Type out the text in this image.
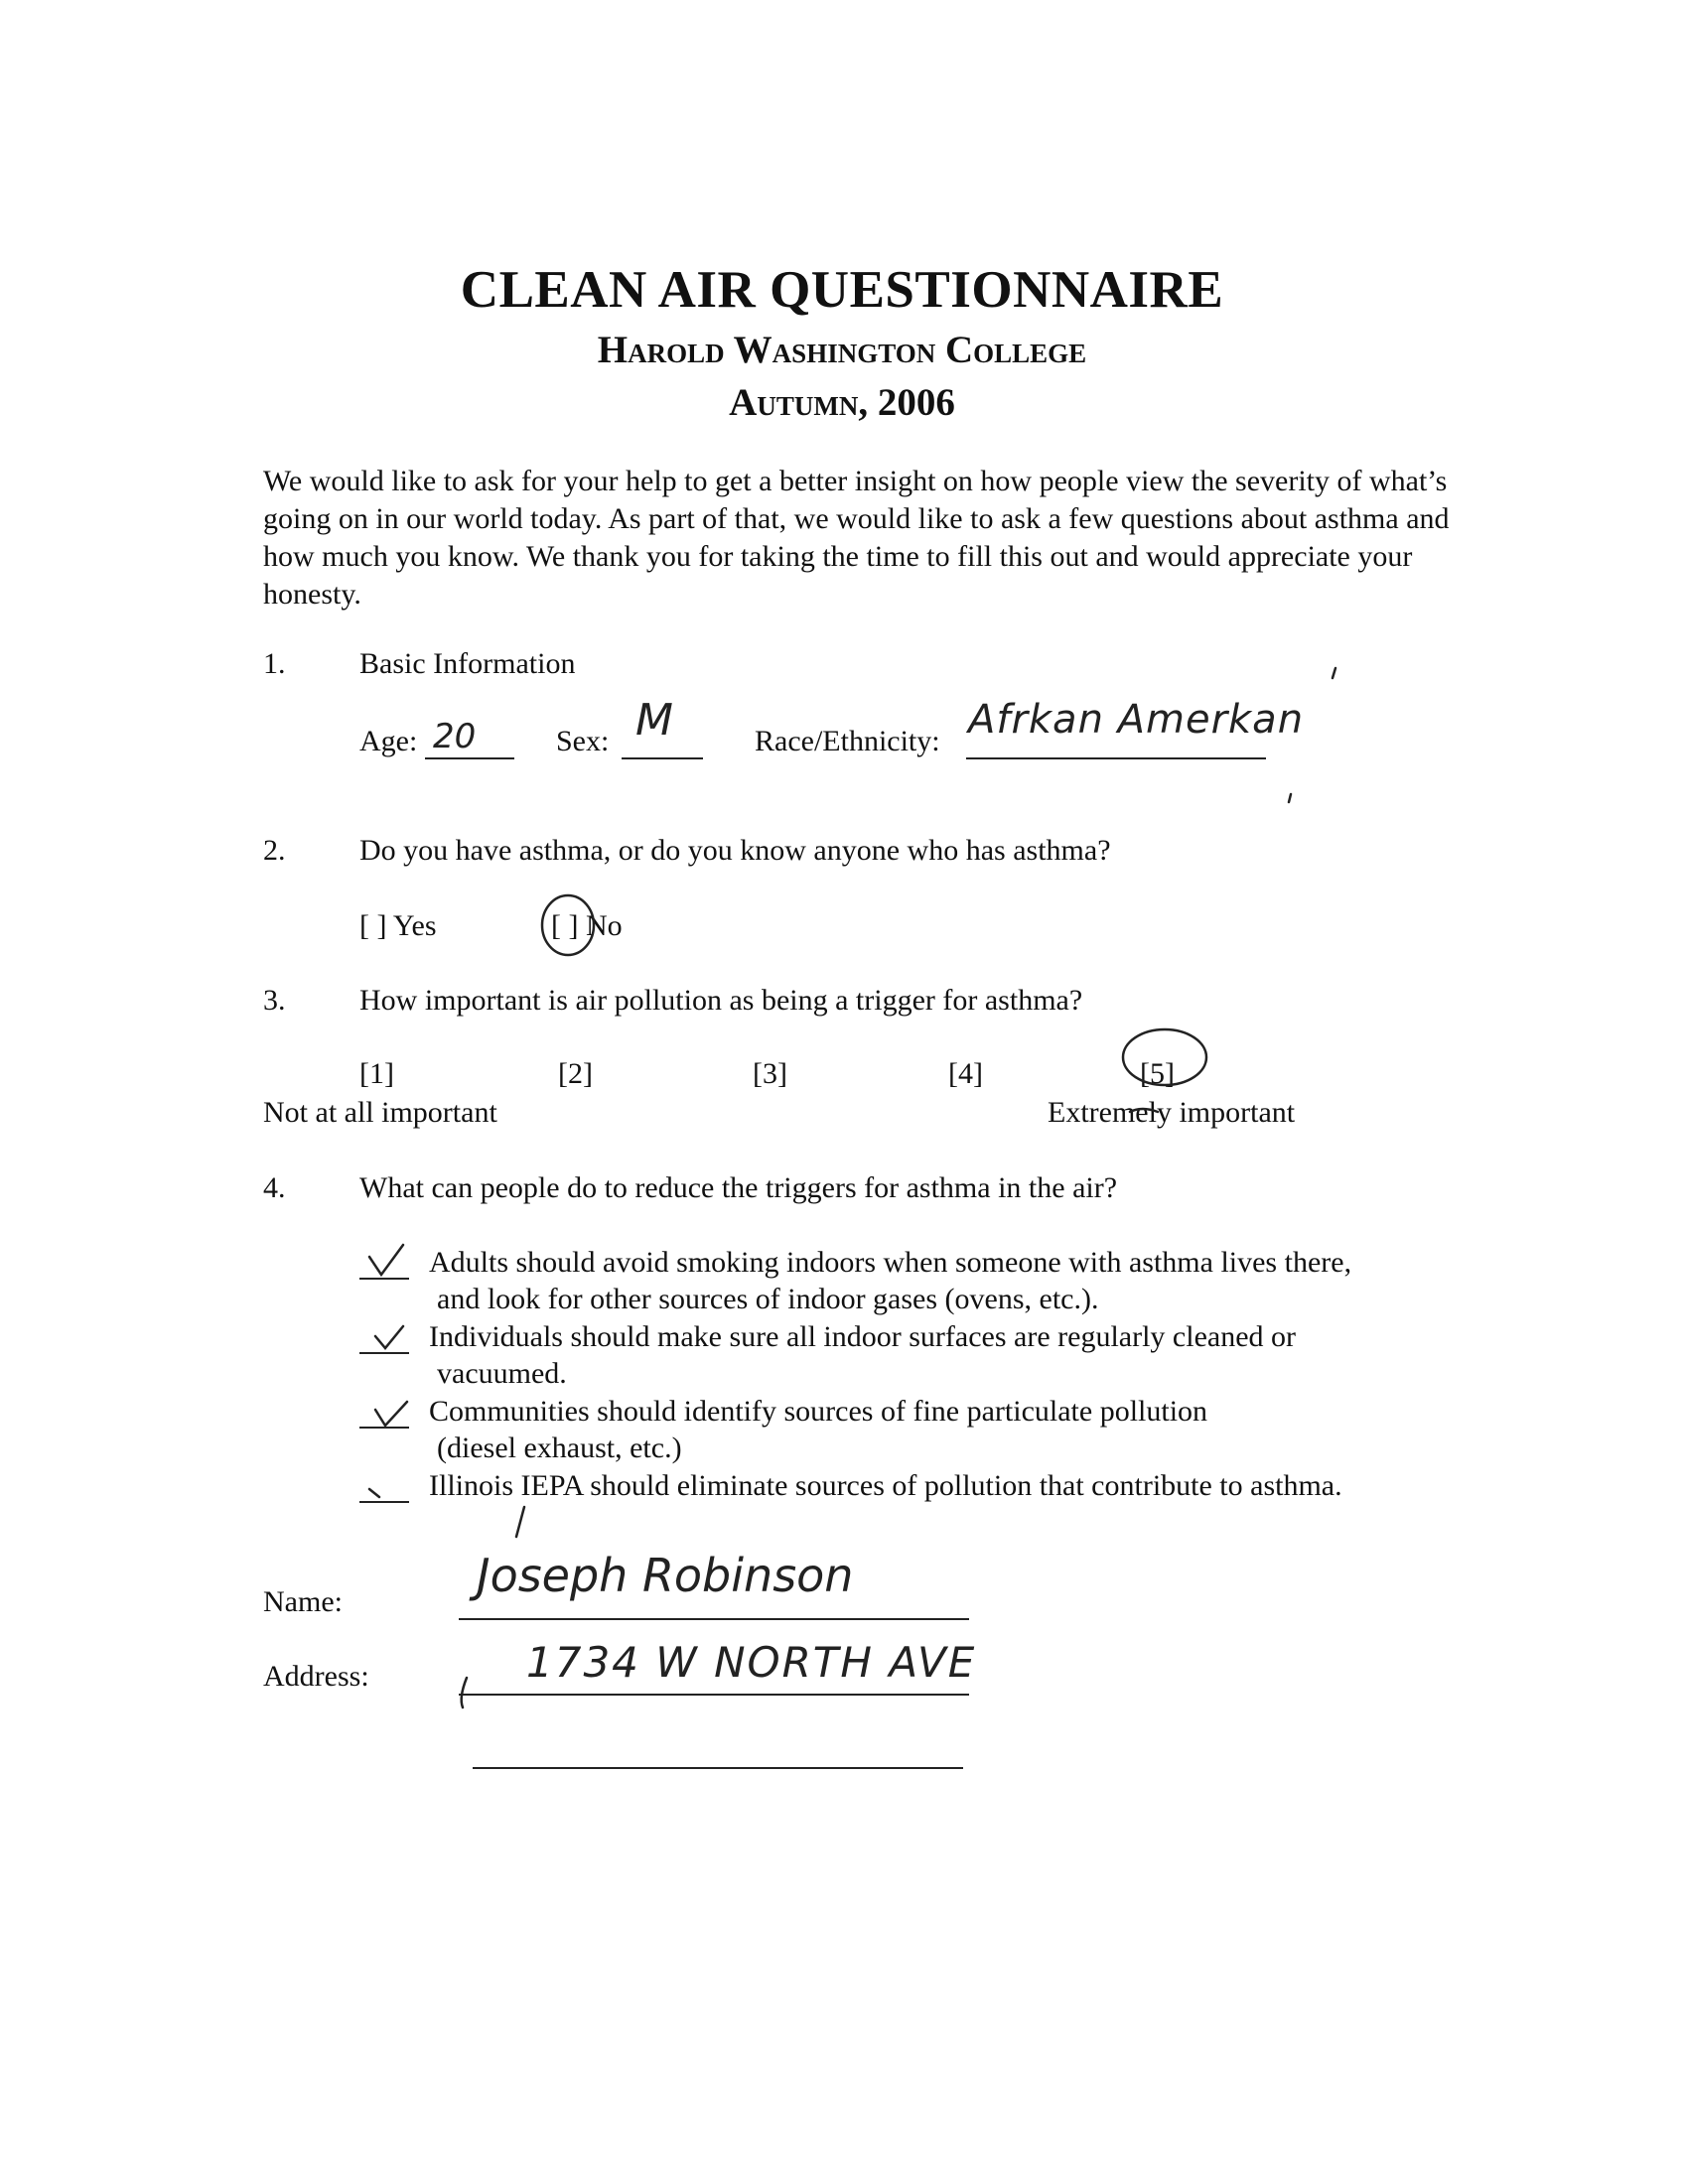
CLEAN AIR QUESTIONNAIRE
Harold Washington College
Autumn, 2006
We would like to ask for your help to get a better insight on how people view the severity of what’s going on in our world today. As part of that, we would like to ask a few questions about asthma and how much you know. We thank you for taking the time to fill this out and would appreciate your honesty.
1. Basic Information
Age: 20	Sex: M	Race/Ethnicity: Afrkan Amerkan
2. Do you have asthma, or do you know anyone who has asthma?
[ ] Yes	[ ] No
3. How important is air pollution as being a trigger for asthma?
[1]	[2]	[3]	[4]	[5]
Not at all important	Extremely important
4. What can people do to reduce the triggers for asthma in the air?
Adults should avoid smoking indoors when someone with asthma lives there,
and look for other sources of indoor gases (ovens, etc.).
Individuals should make sure all indoor surfaces are regularly cleaned or
vacuumed.
Communities should identify sources of fine particulate pollution
(diesel exhaust, etc.)
Illinois IEPA should eliminate sources of pollution that contribute to asthma.
Name:	Joseph Robinson
Address:	1734 W NORTH AVE
